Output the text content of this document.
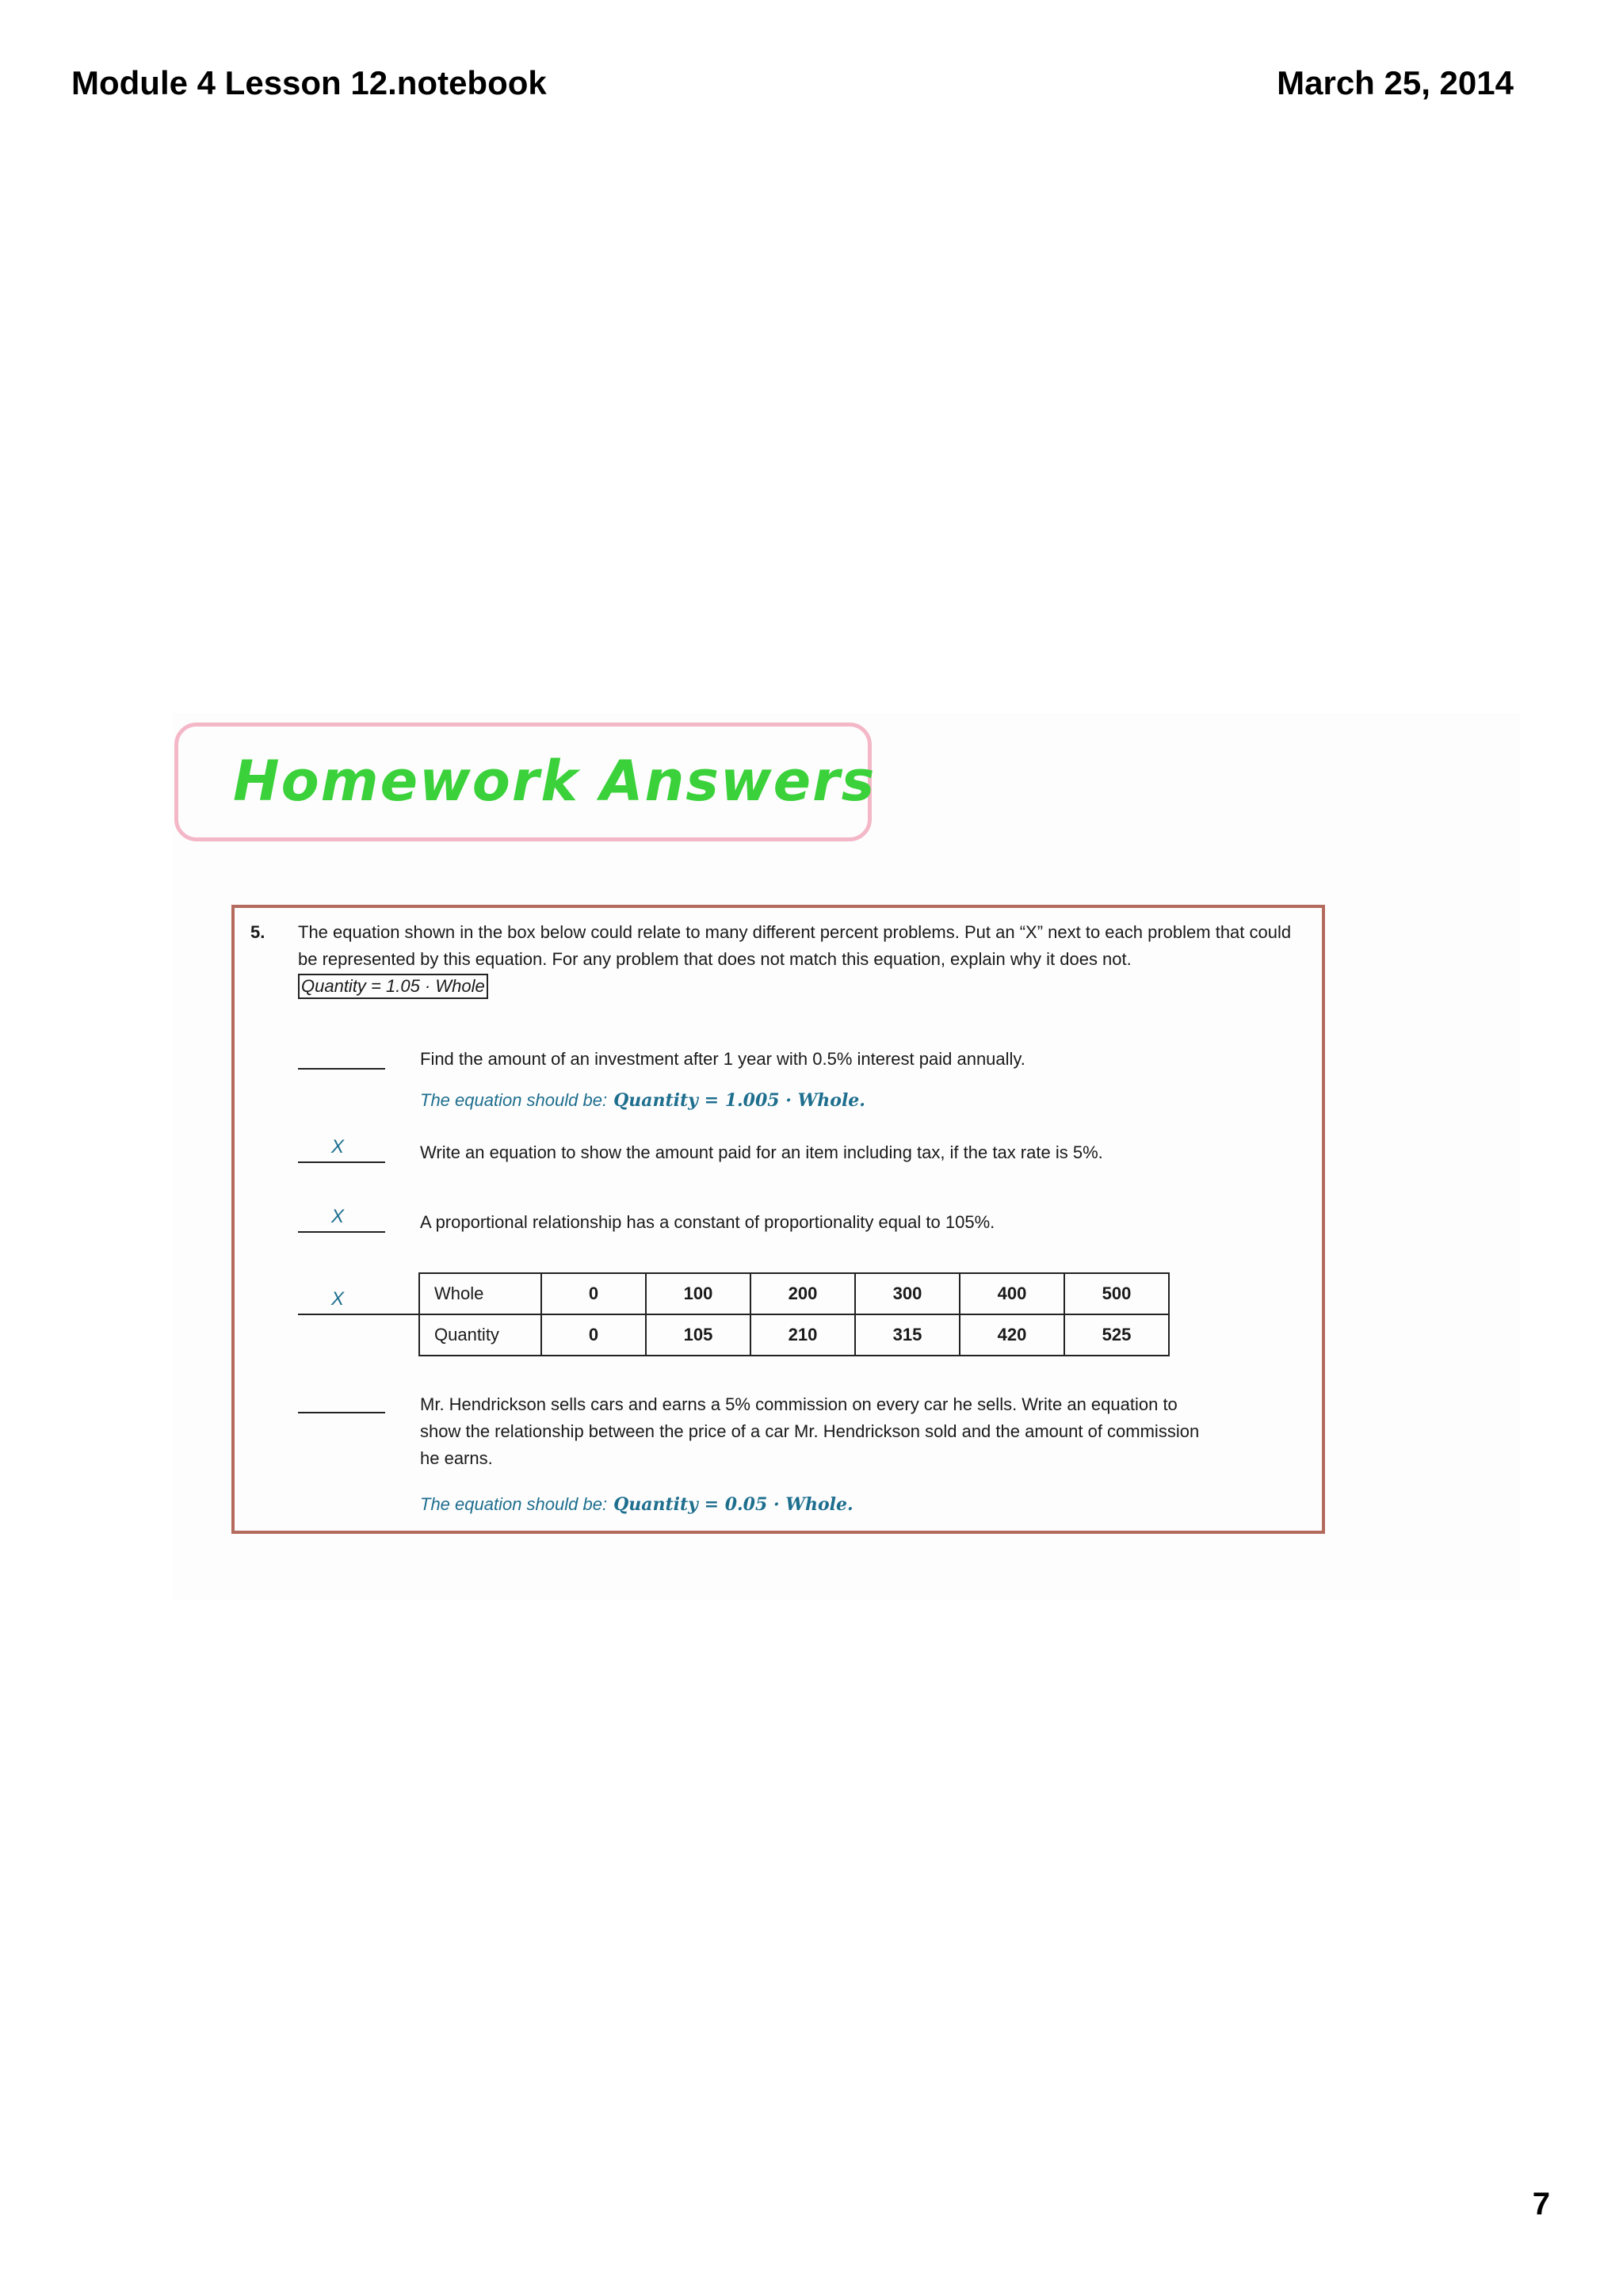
Module 4 Lesson 12.notebook	March 25, 2014
Homework Answers
5. The equation shown in the box below could relate to many different percent problems. Put an “X” next to each problem that could be represented by this equation. For any problem that does not match this equation, explain why it does not. Quantity = 1.05 · Whole
Find the amount of an investment after 1 year with 0.5% interest paid annually.
The equation should be: Quantity = 1.005 · Whole.
X	Write an equation to show the amount paid for an item including tax, if the tax rate is 5%.
X	A proportional relationship has a constant of proportionality equal to 105%.
X	Whole	0	100	200	300	400	500
Quantity	0	105	210	315	420	525
Mr. Hendrickson sells cars and earns a 5% commission on every car he sells. Write an equation to
show the relationship between the price of a car Mr. Hendrickson sold and the amount of commission
he earns.
The equation should be: Quantity = 0.05 · Whole.
7
